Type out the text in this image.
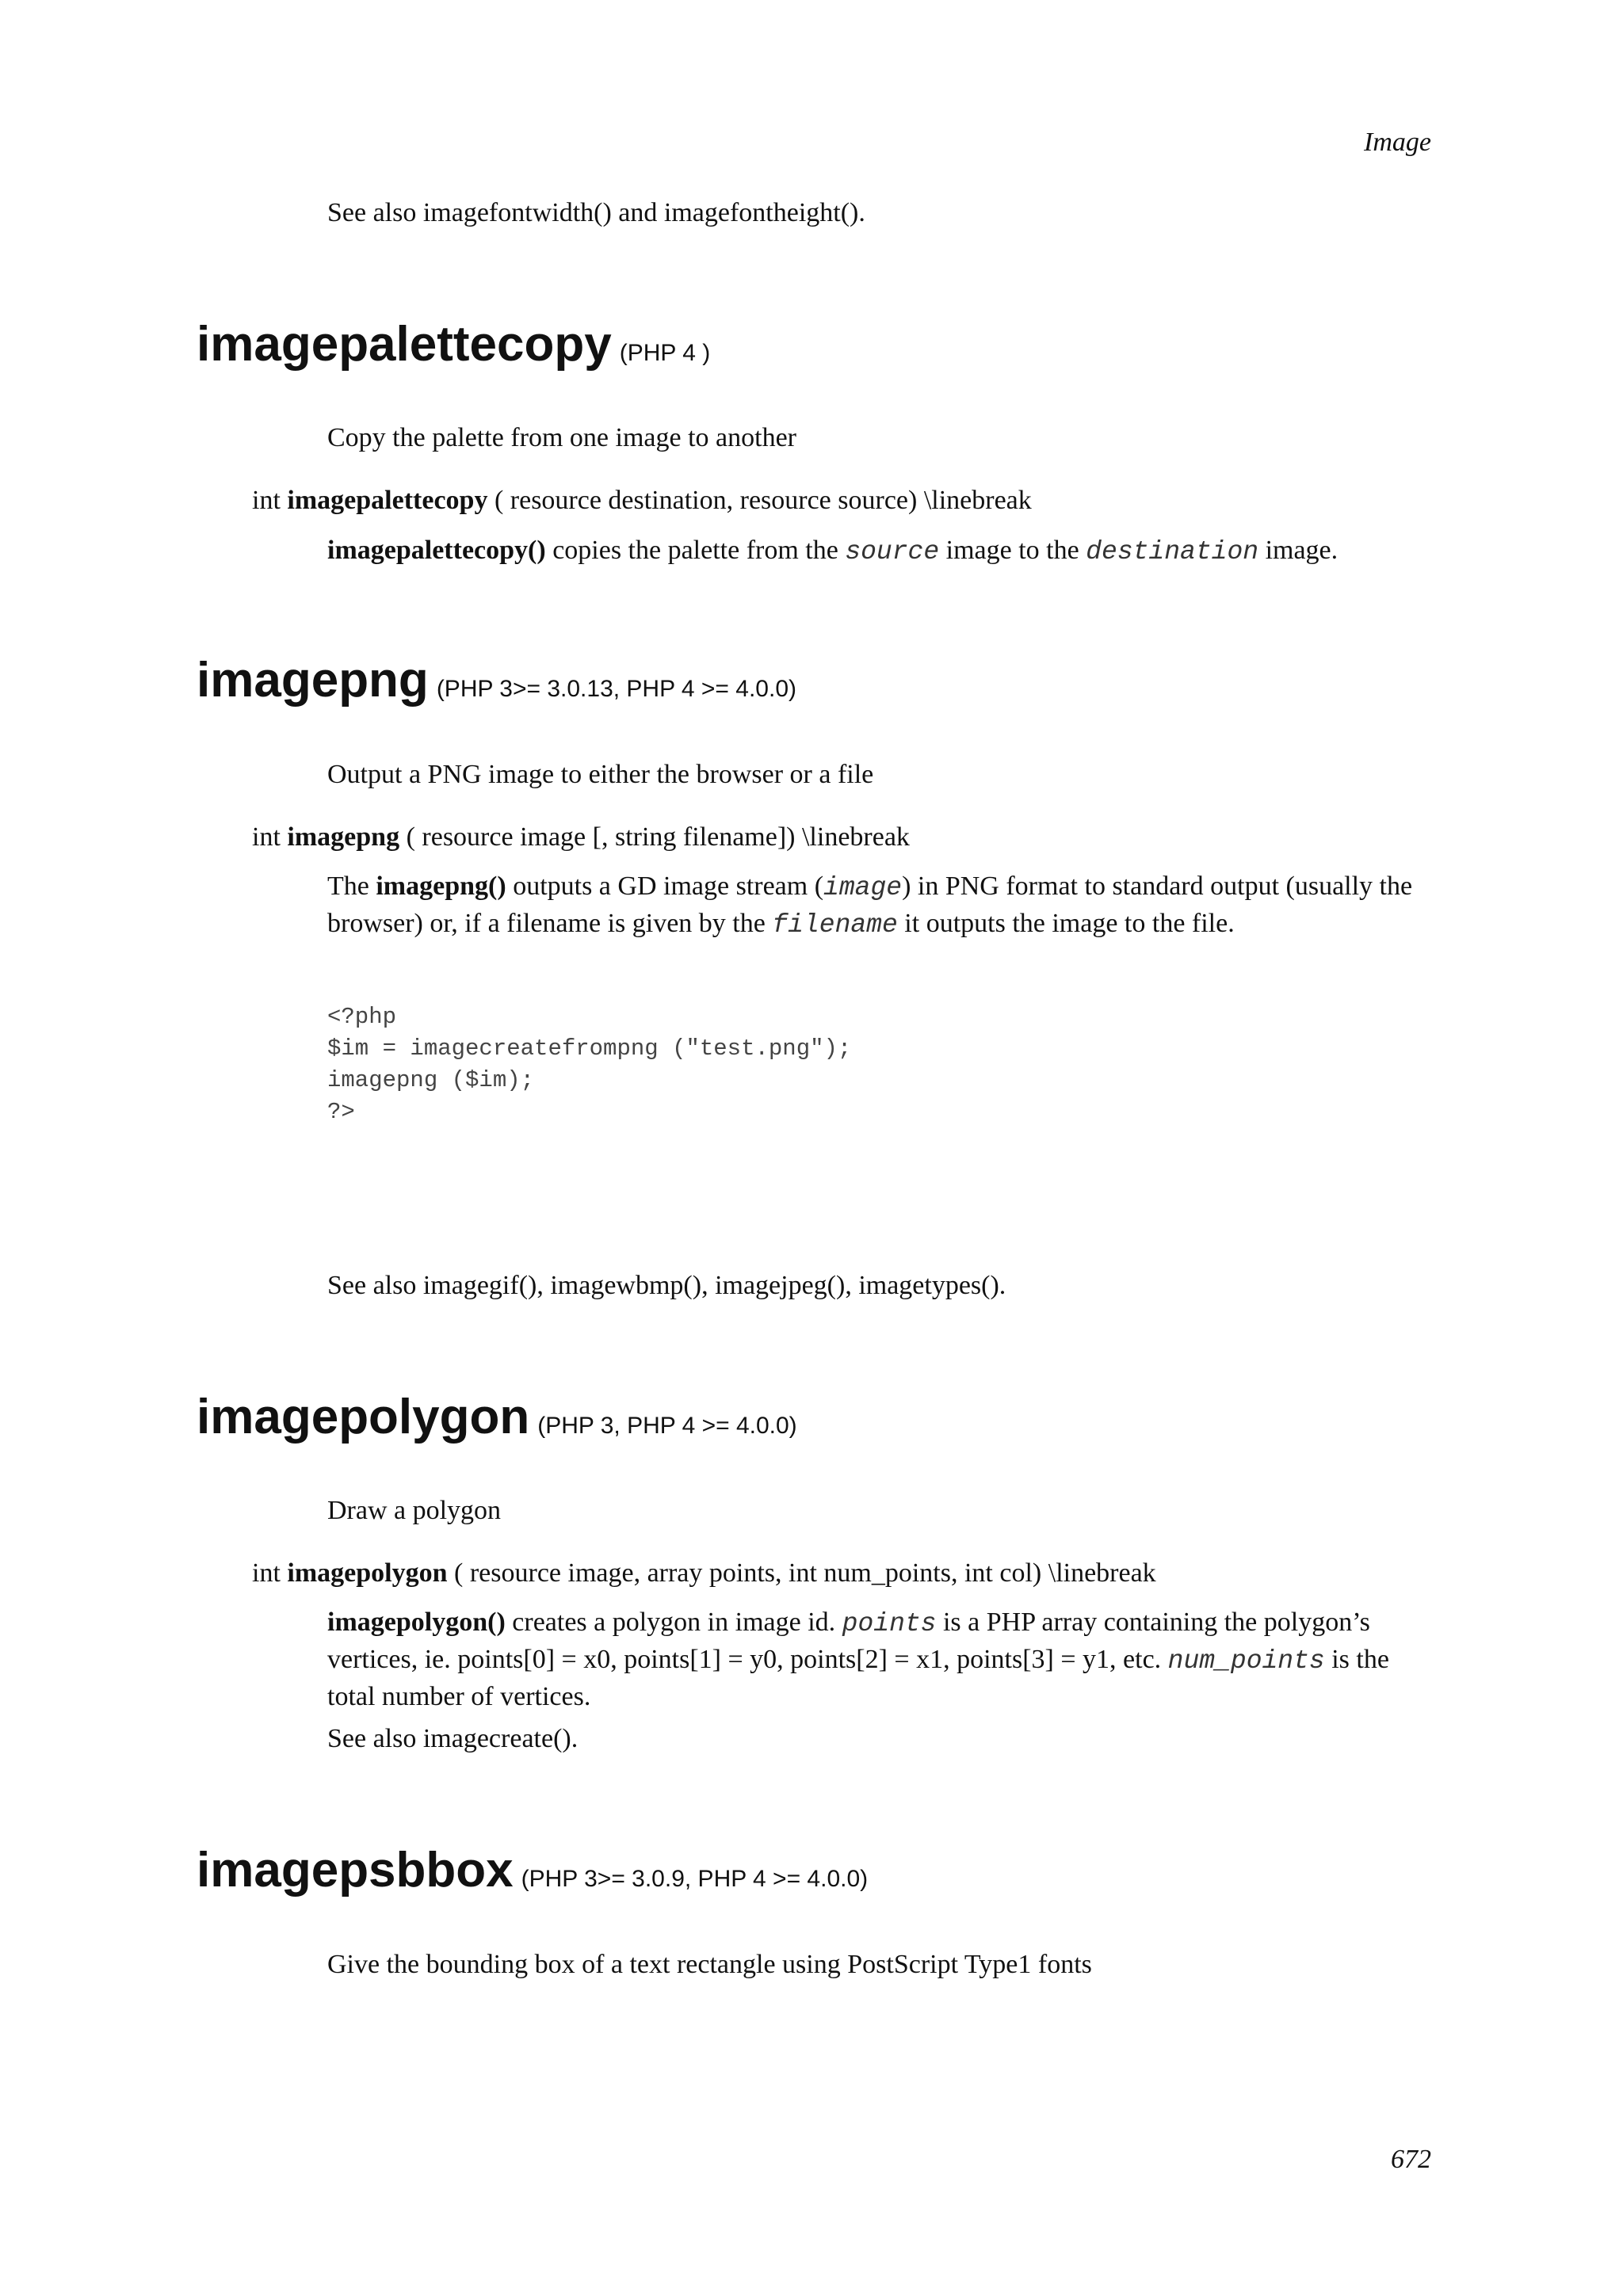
Image

See also imagefontwidth() and imagefontheight().

imagepalettecopy (PHP 4 )

Copy the palette from one image to another

int imagepalettecopy ( resource destination, resource source) \linebreak

imagepalettecopy() copies the palette from the source image to the destination image.

imagepng (PHP 3>= 3.0.13, PHP 4 >= 4.0.0)

Output a PNG image to either the browser or a file

int imagepng ( resource image [, string filename]) \linebreak

The imagepng() outputs a GD image stream (image) in PNG format to standard output (usually the browser) or, if a filename is given by the filename it outputs the image to the file.

<?php
$im = imagecreatefrompng ("test.png");
imagepng ($im);
?>

See also imagegif(), imagewbmp(), imagejpeg(), imagetypes().

imagepolygon (PHP 3, PHP 4 >= 4.0.0)

Draw a polygon

int imagepolygon ( resource image, array points, int num_points, int col) \linebreak

imagepolygon() creates a polygon in image id. points is a PHP array containing the polygon’s vertices, ie. points[0] = x0, points[1] = y0, points[2] = x1, points[3] = y1, etc. num_points is the total number of vertices.

See also imagecreate().

imagepsbbox (PHP 3>= 3.0.9, PHP 4 >= 4.0.0)

Give the bounding box of a text rectangle using PostScript Type1 fonts

672
